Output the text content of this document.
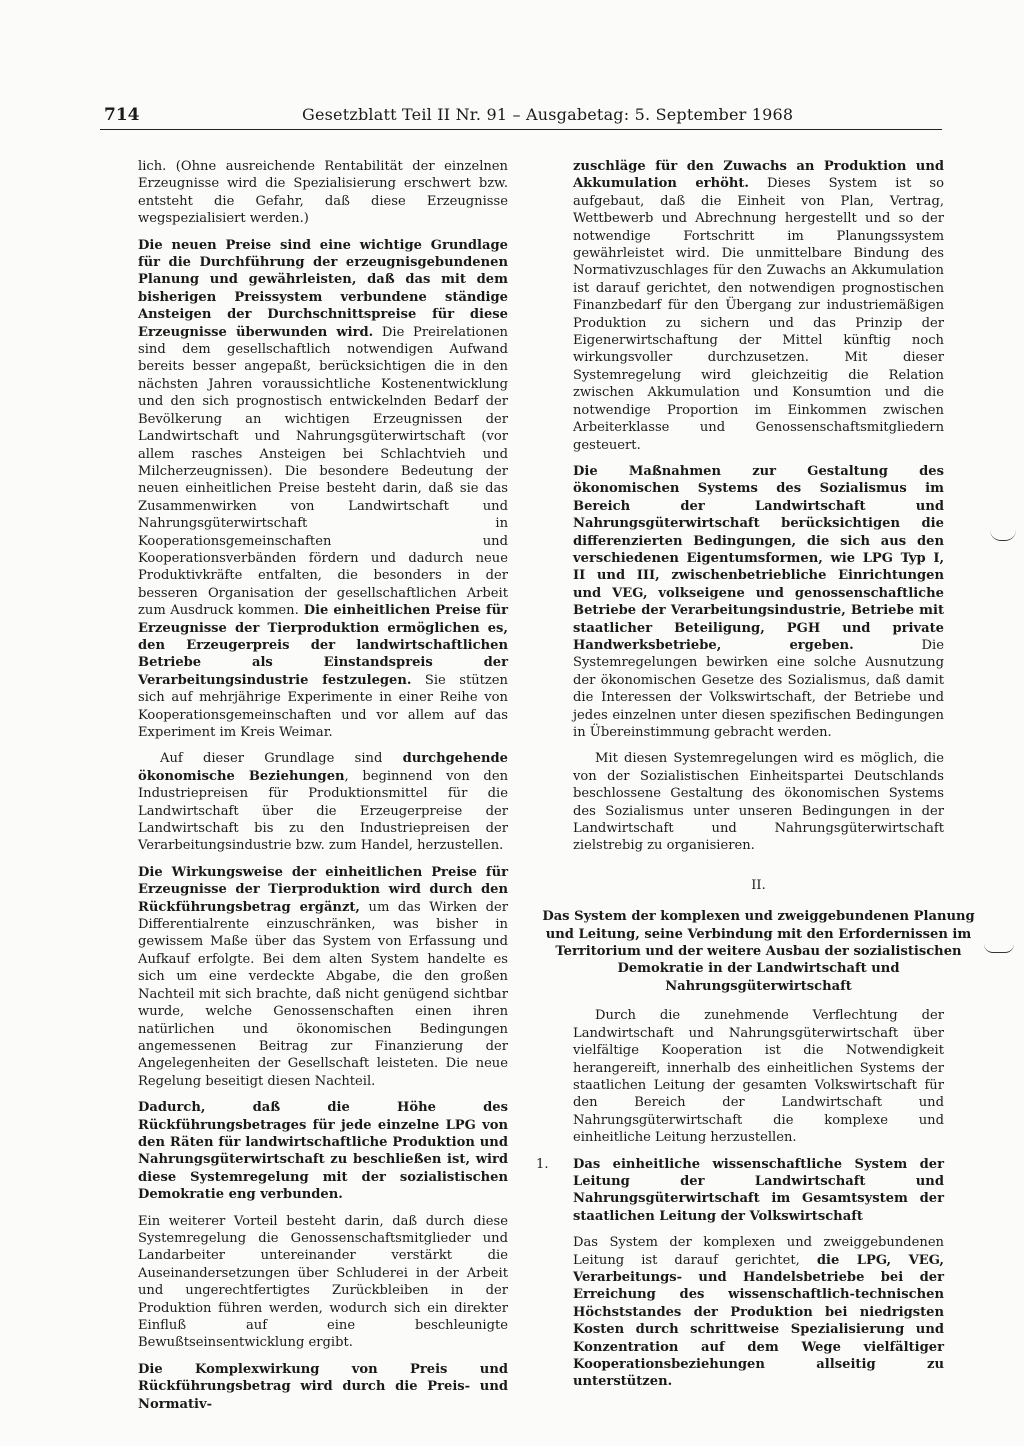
714	Gesetzblatt Teil II Nr. 91 – Ausgabetag: 5. September 1968

lich. (Ohne ausreichende Rentabilität der einzelnen Erzeugnisse wird die Spezialisierung erschwert bzw. entsteht die Gefahr, daß diese Erzeugnisse wegspezialisiert werden.)

Die neuen Preise sind eine wichtige Grundlage für die Durchführung der erzeugnisgebundenen Planung und gewährleisten, daß das mit dem bisherigen Preissystem verbundene ständige Ansteigen der Durchschnittspreise für diese Erzeugnisse überwunden wird. Die Preirelationen sind dem gesellschaftlich notwendigen Aufwand bereits besser angepaßt, berücksichtigen die in den nächsten Jahren voraussichtliche Kostenentwicklung und den sich prognostisch entwickelnden Bedarf der Bevölkerung an wichtigen Erzeugnissen der Landwirtschaft und Nahrungsgüterwirtschaft (vor allem rasches Ansteigen bei Schlachtvieh und Milcherzeugnissen). Die besondere Bedeutung der neuen einheitlichen Preise besteht darin, daß sie das Zusammenwirken von Landwirtschaft und Nahrungsgüterwirtschaft in Kooperationsgemeinschaften und Kooperationsverbänden fördern und dadurch neue Produktivkräfte entfalten, die besonders in der besseren Organisation der gesellschaftlichen Arbeit zum Ausdruck kommen. Die einheitlichen Preise für Erzeugnisse der Tierproduktion ermöglichen es, den Erzeugerpreis der landwirtschaftlichen Betriebe als Einstandspreis der Verarbeitungsindustrie festzulegen. Sie stützen sich auf mehrjährige Experimente in einer Reihe von Kooperationsgemeinschaften und vor allem auf das Experiment im Kreis Weimar.

Auf dieser Grundlage sind durchgehende ökonomische Beziehungen, beginnend von den Industriepreisen für Produktionsmittel für die Landwirtschaft über die Erzeugerpreise der Landwirtschaft bis zu den Industriepreisen der Verarbeitungsindustrie bzw. zum Handel, herzustellen.

Die Wirkungsweise der einheitlichen Preise für Erzeugnisse der Tierproduktion wird durch den Rückführungsbetrag ergänzt, um das Wirken der Differentialrente einzuschränken, was bisher in gewissem Maße über das System von Erfassung und Aufkauf erfolgte. Bei dem alten System handelte es sich um eine verdeckte Abgabe, die den großen Nachteil mit sich brachte, daß nicht genügend sichtbar wurde, welche Genossenschaften einen ihren natürlichen und ökonomischen Bedingungen angemessenen Beitrag zur Finanzierung der Angelegenheiten der Gesellschaft leisteten. Die neue Regelung beseitigt diesen Nachteil.

Dadurch, daß die Höhe des Rückführungsbetrages für jede einzelne LPG von den Räten für landwirtschaftliche Produktion und Nahrungsgüterwirtschaft zu beschließen ist, wird diese Systemregelung mit der sozialistischen Demokratie eng verbunden.

Ein weiterer Vorteil besteht darin, daß durch diese Systemregelung die Genossenschaftsmitglieder und Landarbeiter untereinander verstärkt die Auseinandersetzungen über Schluderei in der Arbeit und ungerechtfertigtes Zurückbleiben in der Produktion führen werden, wodurch sich ein direkter Einfluß auf eine beschleunigte Bewußtseinsentwicklung ergibt.

Die Komplexwirkung von Preis und Rückführungsbetrag wird durch die Preis- und Normativ-

zuschläge für den Zuwachs an Produktion und Akkumulation erhöht. Dieses System ist so aufgebaut, daß die Einheit von Plan, Vertrag, Wettbewerb und Abrechnung hergestellt und so der notwendige Fortschritt im Planungssystem gewährleistet wird. Die unmittelbare Bindung des Normativzuschlages für den Zuwachs an Akkumulation ist darauf gerichtet, den notwendigen prognostischen Finanzbedarf für den Übergang zur industriemäßigen Produktion zu sichern und das Prinzip der Eigenerwirtschaftung der Mittel künftig noch wirkungsvoller durchzusetzen. Mit dieser Systemregelung wird gleichzeitig die Relation zwischen Akkumulation und Konsumtion und die notwendige Proportion im Einkommen zwischen Arbeiterklasse und Genossenschaftsmitgliedern gesteuert.

Die Maßnahmen zur Gestaltung des ökonomischen Systems des Sozialismus im Bereich der Landwirtschaft und Nahrungsgüterwirtschaft berücksichtigen die differenzierten Bedingungen, die sich aus den verschiedenen Eigentumsformen, wie LPG Typ I, II und III, zwischenbetriebliche Einrichtungen und VEG, volkseigene und genossenschaftliche Betriebe der Verarbeitungsindustrie, Betriebe mit staatlicher Beteiligung, PGH und private Handwerksbetriebe, ergeben. Die Systemregelungen bewirken eine solche Ausnutzung der ökonomischen Gesetze des Sozialismus, daß damit die Interessen der Volkswirtschaft, der Betriebe und jedes einzelnen unter diesen spezifischen Bedingungen in Übereinstimmung gebracht werden.

Mit diesen Systemregelungen wird es möglich, die von der Sozialistischen Einheitspartei Deutschlands beschlossene Gestaltung des ökonomischen Systems des Sozialismus unter unseren Bedingungen in der Landwirtschaft und Nahrungsgüterwirtschaft zielstrebig zu organisieren.

II.
Das System der komplexen und zweiggebundenen Planung und Leitung, seine Verbindung mit den Erfordernissen im Territorium und der weitere Ausbau der sozialistischen Demokratie in der Landwirtschaft und Nahrungsgüterwirtschaft

Durch die zunehmende Verflechtung der Landwirtschaft und Nahrungsgüterwirtschaft über vielfältige Kooperation ist die Notwendigkeit herangereift, innerhalb des einheitlichen Systems der staatlichen Leitung der gesamten Volkswirtschaft für den Bereich der Landwirtschaft und Nahrungsgüterwirtschaft die komplexe und einheitliche Leitung herzustellen.

1.	Das einheitliche wissenschaftliche System der Leitung der Landwirtschaft und Nahrungsgüterwirtschaft im Gesamtsystem der staatlichen Leitung der Volkswirtschaft

Das System der komplexen und zweiggebundenen Leitung ist darauf gerichtet, die LPG, VEG, Verarbeitungs- und Handelsbetriebe bei der Erreichung des wissenschaftlich-technischen Höchststandes der Produktion bei niedrigsten Kosten durch schrittweise Spezialisierung und Konzentration auf dem Wege vielfältiger Kooperationsbeziehungen allseitig zu unterstützen.
